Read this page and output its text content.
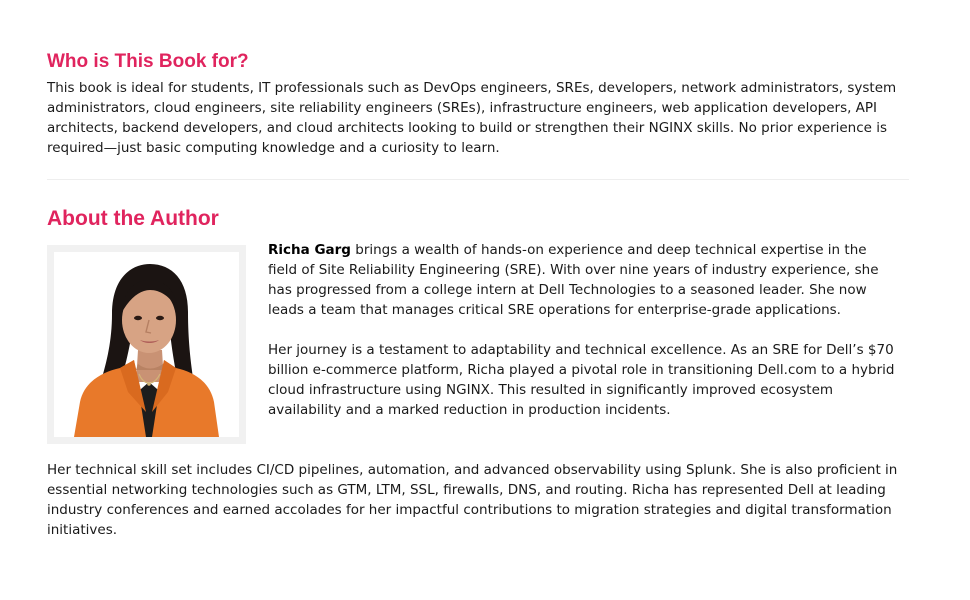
Who is This Book for?

This book is ideal for students, IT professionals such as DevOps engineers, SREs, developers, network administrators, system administrators, cloud engineers, site reliability engineers (SREs), infrastructure engineers, web application developers, API architects, backend developers, and cloud architects looking to build or strengthen their NGINX skills. No prior experience is required—just basic computing knowledge and a curiosity to learn.

About the Author

Richa Garg brings a wealth of hands-on experience and deep technical expertise in the field of Site Reliability Engineering (SRE). With over nine years of industry experience, she has progressed from a college intern at Dell Technologies to a seasoned leader. She now leads a team that manages critical SRE operations for enterprise-grade applications.

Her journey is a testament to adaptability and technical excellence. As an SRE for Dell’s $70 billion e-commerce platform, Richa played a pivotal role in transitioning Dell.com to a hybrid cloud infrastructure using NGINX. This resulted in significantly improved ecosystem availability and a marked reduction in production incidents.

Her technical skill set includes CI/CD pipelines, automation, and advanced observability using Splunk. She is also proficient in essential networking technologies such as GTM, LTM, SSL, firewalls, DNS, and routing. Richa has represented Dell at leading industry conferences and earned accolades for her impactful contributions to migration strategies and digital transformation initiatives.
